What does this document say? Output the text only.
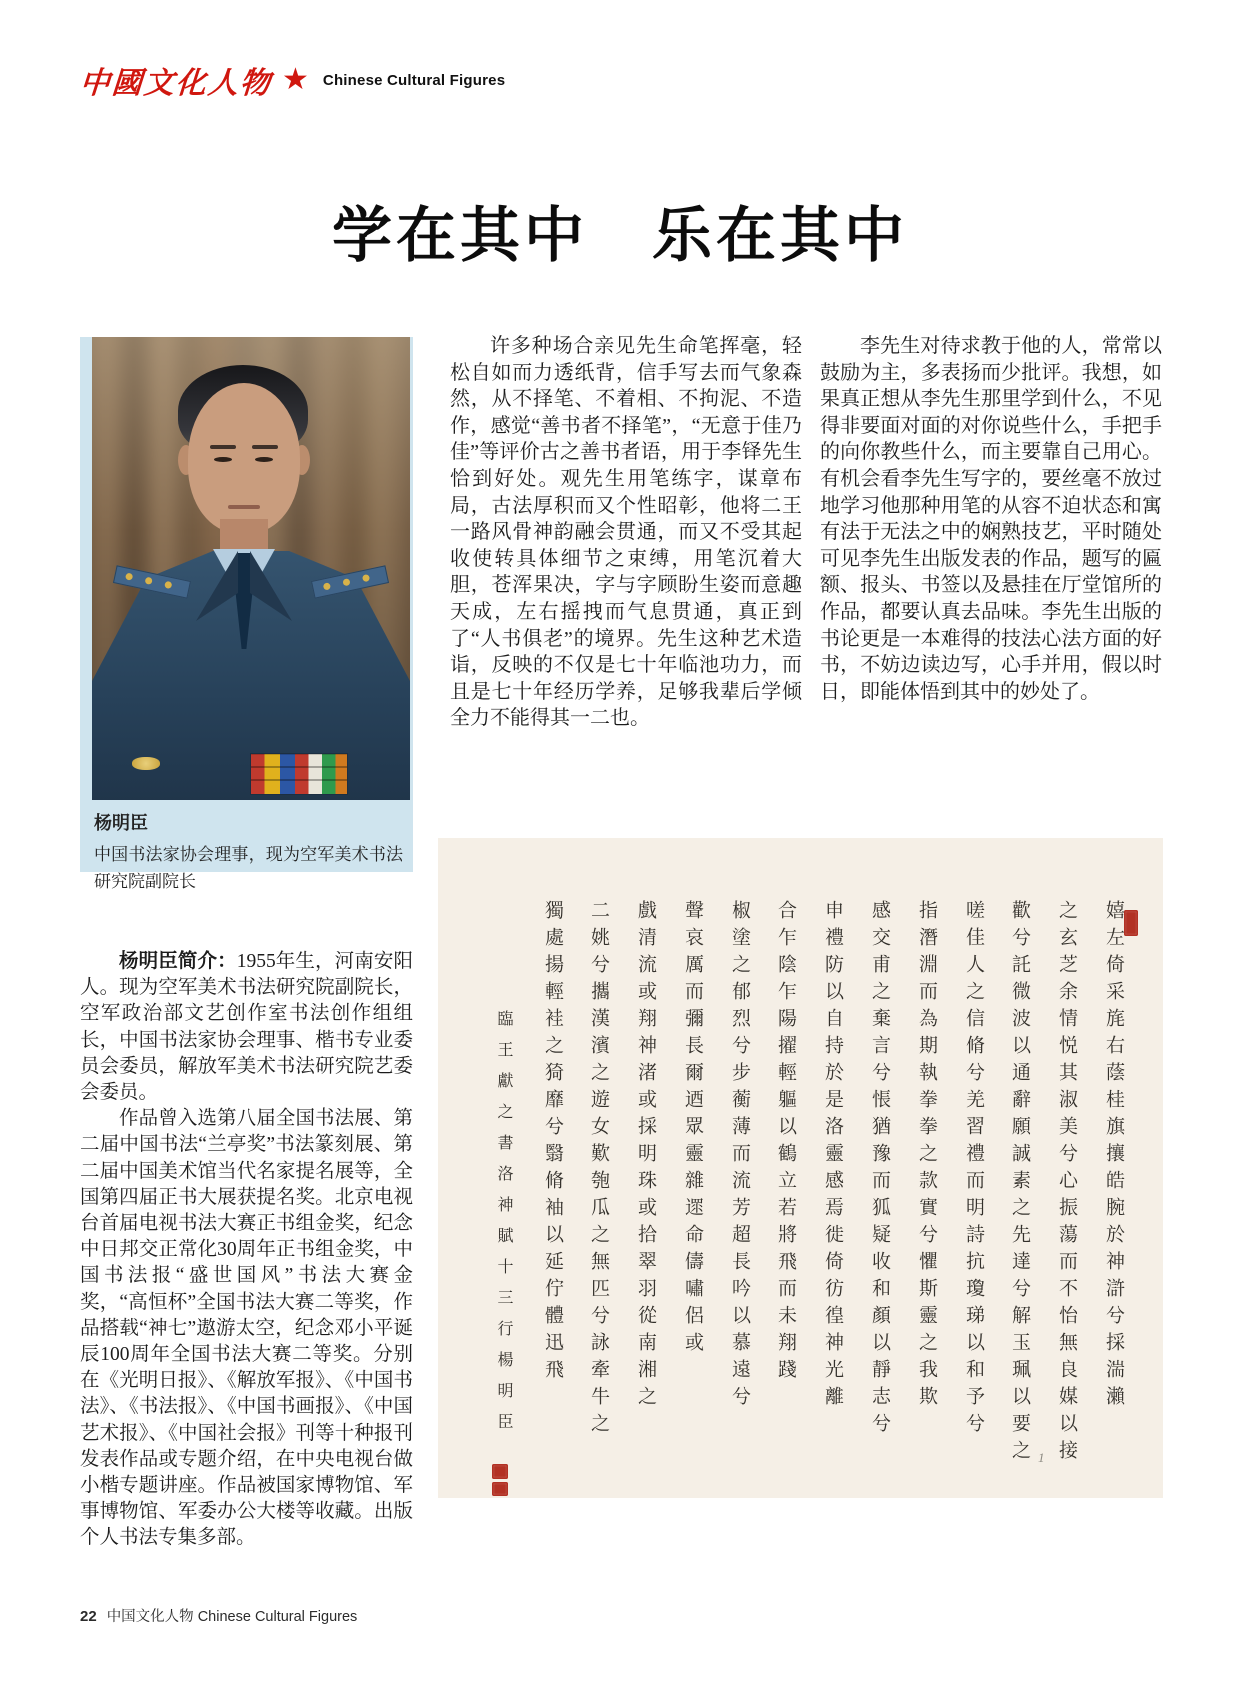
中國文化人物 ★ Chinese Cultural Figures
学在其中　乐在其中
杨明臣
中国书法家协会理事，现为空军美术书法研究院副院长

许多种场合亲见先生命笔挥毫，轻松自如而力透纸背，信手写去而气象森然，从不择笔、不着相、不拘泥、不造作，感觉“善书者不择笔”，“无意于佳乃佳”等评价古之善书者语，用于李铎先生恰到好处。观先生用笔练字，谋章布局，古法厚积而又个性昭彰，他将二王一路风骨神韵融会贯通，而又不受其起收使转具体细节之束缚，用笔沉着大胆，苍浑果决，字与字顾盼生姿而意趣天成，左右摇拽而气息贯通，真正到了“人书俱老”的境界。先生这种艺术造诣，反映的不仅是七十年临池功力，而且是七十年经历学养，足够我辈后学倾全力不能得其一二也。

李先生对待求教于他的人，常常以鼓励为主，多表扬而少批评。我想，如果真正想从李先生那里学到什么，不见得非要面对面的对你说些什么，手把手的向你教些什么，而主要靠自己用心。有机会看李先生写字的，要丝毫不放过地学习他那种用笔的从容不迫状态和寓有法于无法之中的娴熟技艺，平时随处可见李先生出版发表的作品，题写的匾额、报头、书签以及悬挂在厅堂馆所的作品，都要认真去品味。李先生出版的书论更是一本难得的技法心法方面的好书，不妨边读边写，心手并用，假以时日，即能体悟到其中的妙处了。

杨明臣简介：1955年生，河南安阳人。现为空军美术书法研究院副院长，空军政治部文艺创作室书法创作组组长，中国书法家协会理事、楷书专业委员会委员，解放军美术书法研究院艺委会委员。

作品曾入选第八届全国书法展、第二届中国书法“兰亭奖”书法篆刻展、第二届中国美术馆当代名家提名展等，全国第四届正书大展获提名奖。北京电视台首届电视书法大赛正书组金奖，纪念中日邦交正常化30周年正书组金奖，中国书法报“盛世国风”书法大赛金奖，“高恒杯”全国书法大赛二等奖，作品搭载“神七”遨游太空，纪念邓小平诞辰100周年全国书法大赛二等奖。分别在《光明日报》、《解放军报》、《中国书法》、《书法报》、《中国书画报》、《中国艺术报》、《中国社会报》刊等十种报刊发表作品或专题介绍，在中央电视台做小楷专题讲座。作品被国家博物馆、军事博物馆、军委办公大楼等收藏。出版个人书法专集多部。

嬉左倚采旄右蔭桂旗攘皓腕於神滸兮採湍瀨
之玄芝余情悦其淑美兮心振蕩而不怡無良媒以接
歡兮託微波以通辭願誠素之先達兮解玉珮以要之
嗟佳人之信脩兮羌習禮而明詩抗瓊珶以和予兮
指潛淵而為期執拳拳之款實兮懼斯靈之我欺
感交甫之棄言兮悵猶豫而狐疑收和顏以靜志兮
申禮防以自持於是洛靈感焉徙倚彷徨神光離
合乍陰乍陽擢輕軀以鶴立若將飛而未翔踐
椒塗之郁烈兮步蘅薄而流芳超長吟以慕遠兮
聲哀厲而彌長爾迺眾靈雜遝命儔嘯侶或
戲清流或翔神渚或採明珠或拾翠羽從南湘之
二姚兮攜漢濱之遊女歎匏瓜之無匹兮詠牽牛之
獨處揚輕袿之猗靡兮翳脩袖以延佇體迅飛
臨王獻之書洛神賦十三行楊明臣
1
22 中国文化人物 Chinese Cultural Figures
